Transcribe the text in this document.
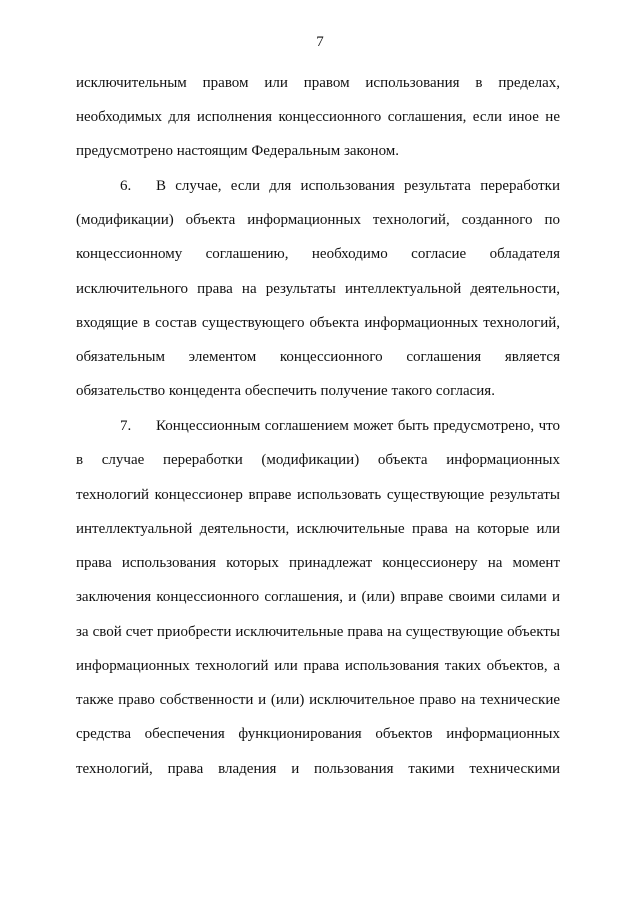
7
исключительным правом или правом использования в пределах,
необходимых для исполнения концессионного соглашения, если иное не
предусмотрено настоящим Федеральным законом.
6. В случае, если для использования результата переработки
(модификации) объекта информационных технологий, созданного по
концессионному соглашению, необходимо согласие обладателя
исключительного права на результаты интеллектуальной деятельности,
входящие в состав существующего объекта информационных технологий,
обязательным элементом концессионного соглашения является
обязательство концедента обеспечить получение такого согласия.
7. Концессионным соглашением может быть предусмотрено, что
в случае переработки (модификации) объекта информационных
технологий концессионер вправе использовать существующие результаты
интеллектуальной деятельности, исключительные права на которые или
права использования которых принадлежат концессионеру на момент
заключения концессионного соглашения, и (или) вправе своими силами и
за свой счет приобрести исключительные права на существующие объекты
информационных технологий или права использования таких объектов, а
также право собственности и (или) исключительное право на технические
средства обеспечения функционирования объектов информационных
технологий, права владения и пользования такими техническими
